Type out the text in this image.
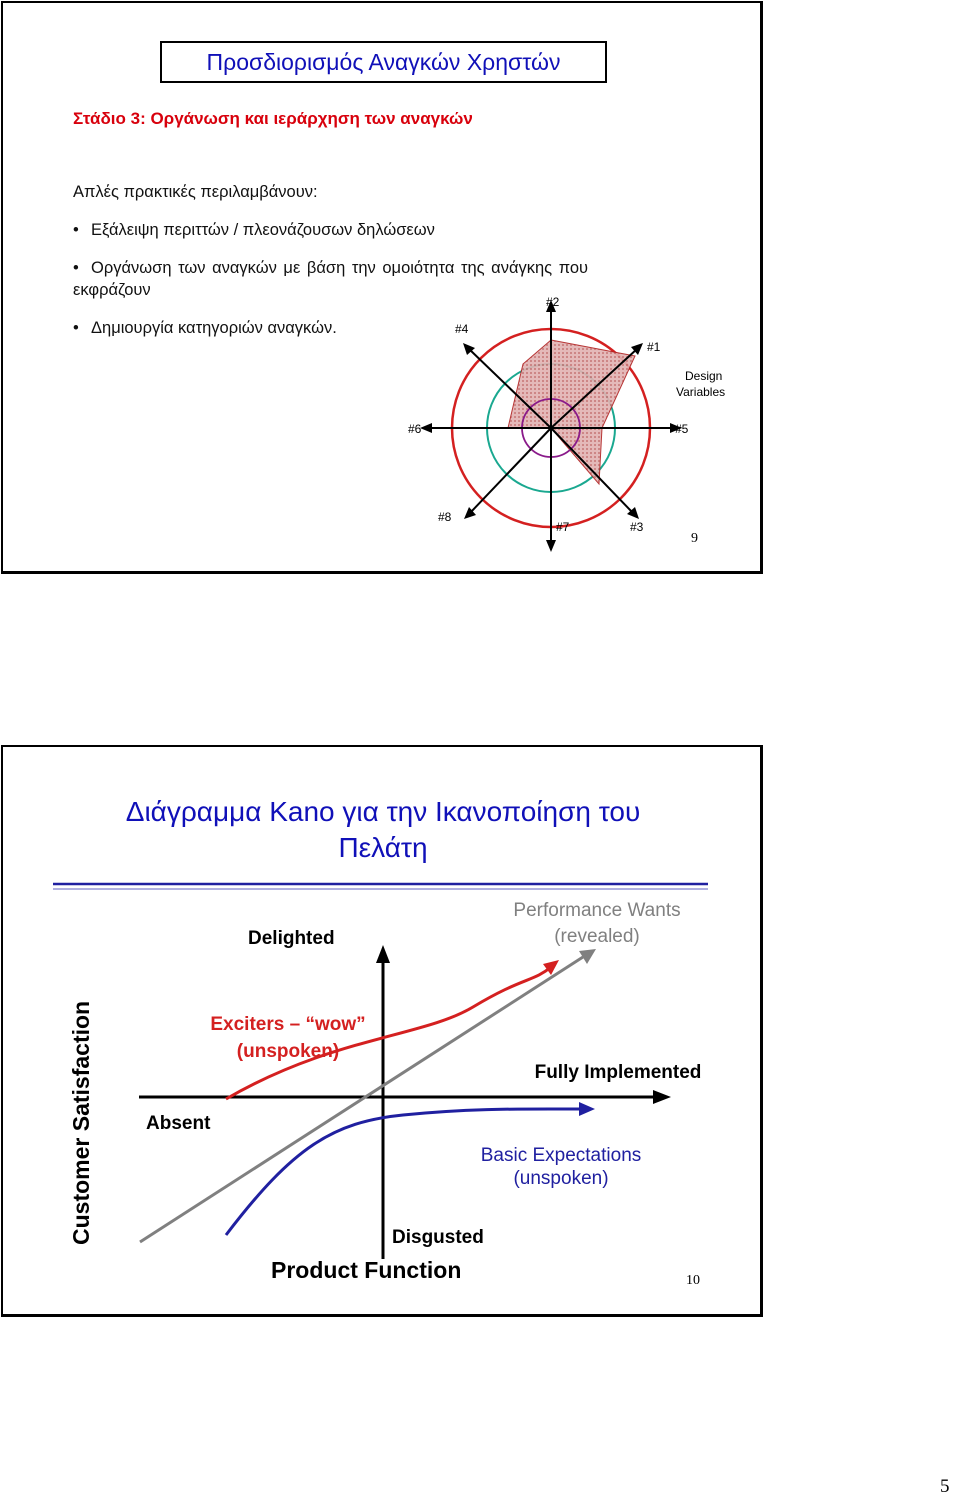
Προσδιορισμός Αναγκών Χρηστών
Στάδιο 3: Οργάνωση και ιεράρχηση των αναγκών
Απλές πρακτικές περιλαμβάνουν:
• Εξάλειψη περιττών / πλεονάζουσων δηλώσεων
• Οργάνωση των αναγκών με βάση την ομοιότητα της ανάγκης που
εκφράζουν
• Δημιουργία κατηγοριών αναγκών.
#2
#4
#1
#6	#5
#8
#7	#3
Design
Variables
9
Διάγραμμα Kano για την Ικανοποίηση του
Πελάτη
Customer Satisfaction
Delighted
Performance Wants
(revealed)
Exciters – “wow”
(unspoken)
Fully Implemented
Absent
Basic Expectations
(unspoken)
Disgusted
Product Function	10
5
